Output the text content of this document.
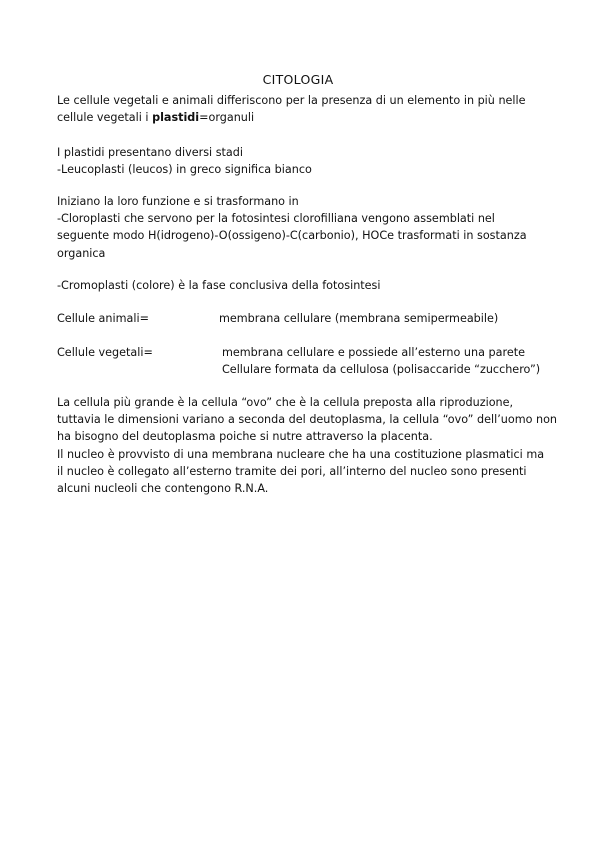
CITOLOGIA
Le cellule vegetali e animali differiscono per la presenza di un elemento in più nelle
cellule vegetali i plastidi=organuli
I plastidi presentano diversi stadi
-Leucoplasti (leucos) in greco significa bianco
Iniziano la loro funzione e si trasformano in
-Cloroplasti che servono per la fotosintesi clorofilliana vengono assemblati nel
seguente modo H(idrogeno)-O(ossigeno)-C(carbonio), HOCe trasformati in sostanza
organica
-Cromoplasti (colore) è la fase conclusiva della fotosintesi
Cellule animali=	membrana cellulare (membrana semipermeabile)
Cellule vegetali=	membrana cellulare e possiede all’esterno una parete
Cellulare formata da cellulosa (polisaccaride “zucchero”)
La cellula più grande è la cellula “ovo” che è la cellula preposta alla riproduzione,
tuttavia le dimensioni variano a seconda del deutoplasma, la cellula “ovo” dell’uomo non
ha bisogno del deutoplasma poiche si nutre attraverso la placenta.
Il nucleo è provvisto di una membrana nucleare che ha una costituzione plasmatici ma
il nucleo è collegato all’esterno tramite dei pori, all’interno del nucleo sono presenti
alcuni nucleoli che contengono R.N.A.
